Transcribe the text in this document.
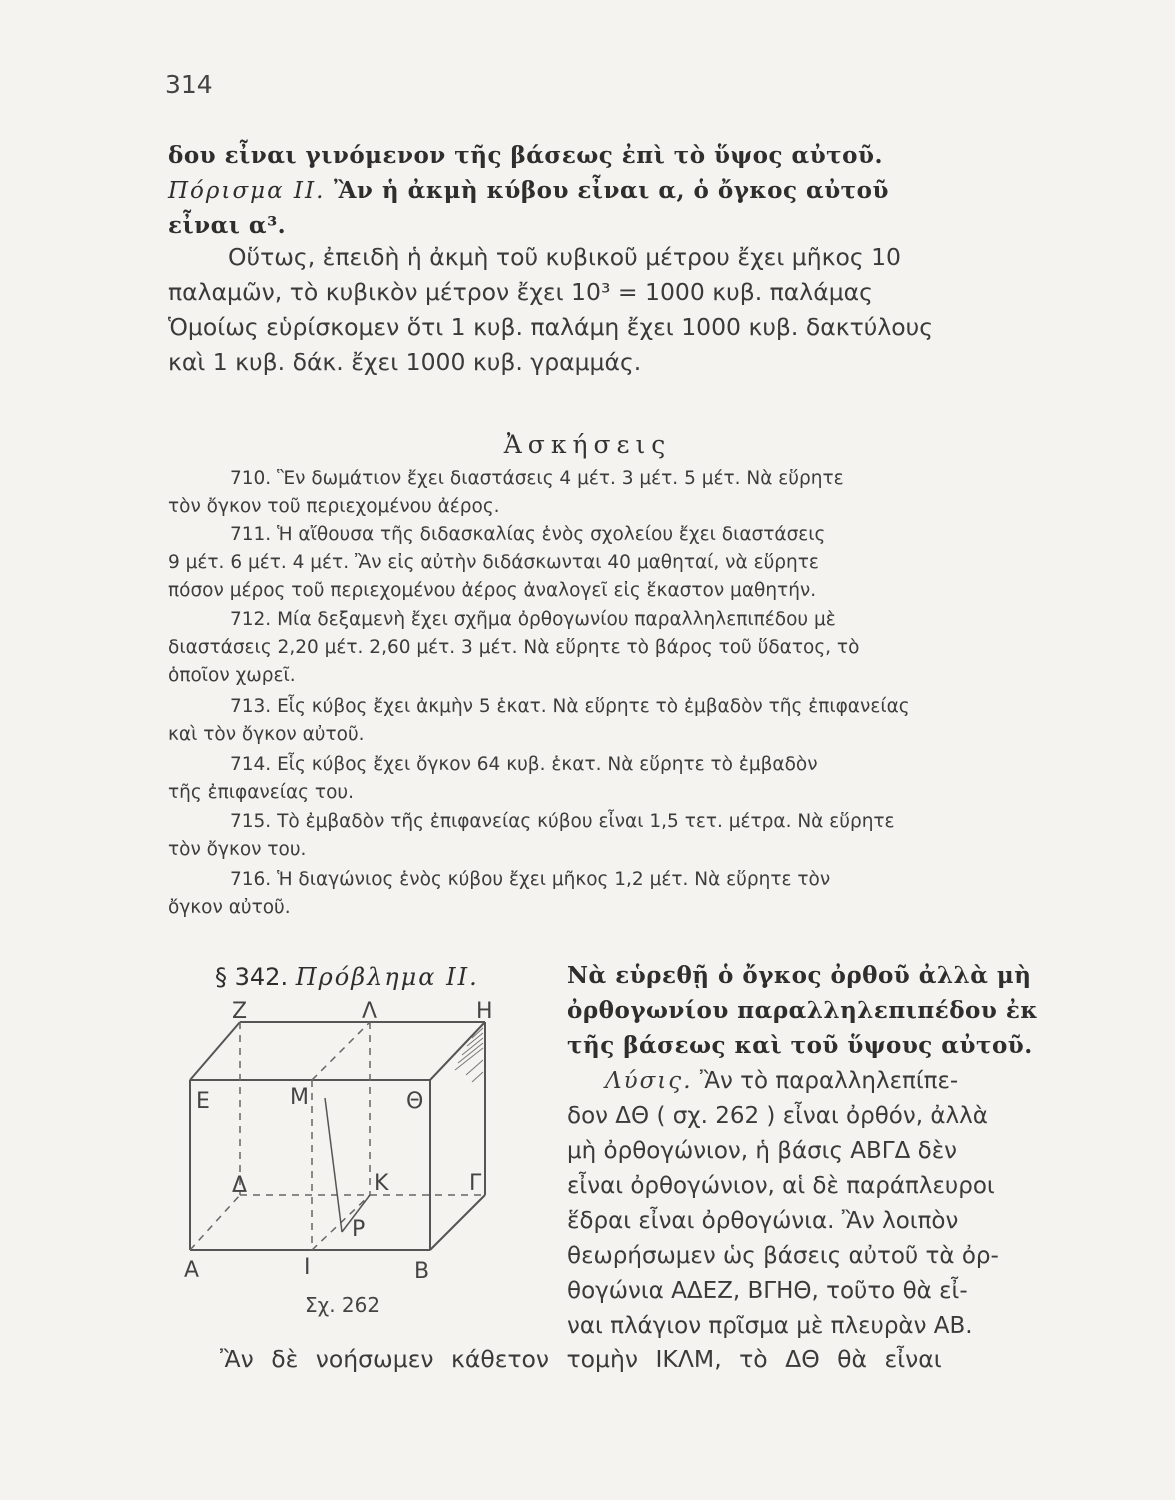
314

δου εἶναι γινόμενον τῆς βάσεως ἐπὶ τὸ ὕψος αὐτοῦ.

Πόρισμα ΙΙ. Ἂν ἡ ἀκμὴ κύβου εἶναι α, ὁ ὄγκος αὐτοῦ

εἶναι α³.

Οὕτως, ἐπειδὴ ἡ ἀκμὴ τοῦ κυβικοῦ μέτρου ἔχει μῆκος 10

παλαμῶν, τὸ κυβικὸν μέτρον ἔχει 10³ = 1000 κυβ. παλάμας

Ὁμοίως εὑρίσκομεν ὅτι 1 κυβ. παλάμη ἔχει 1000 κυβ. δακτύλους

καὶ 1 κυβ. δάκ. ἔχει 1000 κυβ. γραμμάς.

Ἀσκήσεις

710. Ἓν δωμάτιον ἔχει διαστάσεις 4 μέτ. 3 μέτ. 5 μέτ. Νὰ εὕρητε
τὸν ὄγκον τοῦ περιεχομένου ἀέρος.

711. Ἡ αἴθουσα τῆς διδασκαλίας ἑνὸς σχολείου ἔχει διαστάσεις
9 μέτ. 6 μέτ. 4 μέτ. Ἂν εἰς αὐτὴν διδάσκωνται 40 μαθηταί, νὰ εὕρητε
πόσον μέρος τοῦ περιεχομένου ἀέρος ἀναλογεῖ εἰς ἕκαστον μαθητήν.

712. Μία δεξαμενὴ ἔχει σχῆμα ὀρθογωνίου παραλληλεπιπέδου μὲ
διαστάσεις 2,20 μέτ. 2,60 μέτ. 3 μέτ. Νὰ εὕρητε τὸ βάρος τοῦ ὕδατος, τὸ
ὁποῖον χωρεῖ.

713. Εἷς κύβος ἔχει ἀκμὴν 5 ἑκατ. Νὰ εὕρητε τὸ ἐμβαδὸν τῆς ἐπιφανείας
καὶ τὸν ὄγκον αὐτοῦ.

714. Εἷς κύβος ἔχει ὄγκον 64 κυβ. ἑκατ. Νὰ εὕρητε τὸ ἐμβαδὸν
τῆς ἐπιφανείας του.

715. Τὸ ἐμβαδὸν τῆς ἐπιφανείας κύβου εἶναι 1,5 τετ. μέτρα. Νὰ εὕρητε
τὸν ὄγκον του.

716. Ἡ διαγώνιος ἑνὸς κύβου ἔχει μῆκος 1,2 μέτ. Νὰ εὕρητε τὸν
ὄγκον αὐτοῦ.

§ 342. Πρόβλημα ΙΙ.	Νὰ εὑρεθῇ ὁ ὄγκος ὀρθοῦ ἀλλὰ μὴ

ὀρθογωνίου παραλληλεπιπέδου ἐκ

τῆς βάσεως καὶ τοῦ ὕψους αὐτοῦ.

Λύσις. Ἂν τὸ παραλληλεπίπε-

δον ΔΘ ( σχ. 262 ) εἶναι ὀρθόν, ἀλλὰ

μὴ ὀρθογώνιον, ἡ βάσις ΑΒΓΔ δὲν

εἶναι ὀρθογώνιον, αἱ δὲ παράπλευροι

ἕδραι εἶναι ὀρθογώνια. Ἂν λοιπὸν

θεωρήσωμεν ὡς βάσεις αὐτοῦ τὰ ὀρ-

θογώνια ΑΔΕΖ, ΒΓΗΘ, τοῦτο θὰ εἶ-

ναι πλάγιον πρῖσμα μὲ πλευρὰν ΑΒ.

Z	Λ	H
E	M	Θ
Δ	K	Γ
P
Α	I	B
Σχ. 262

Ἂν δὲ νοήσωμεν κάθετον τομὴν ΙΚΛΜ, τὸ ΔΘ θὰ εἶναι
